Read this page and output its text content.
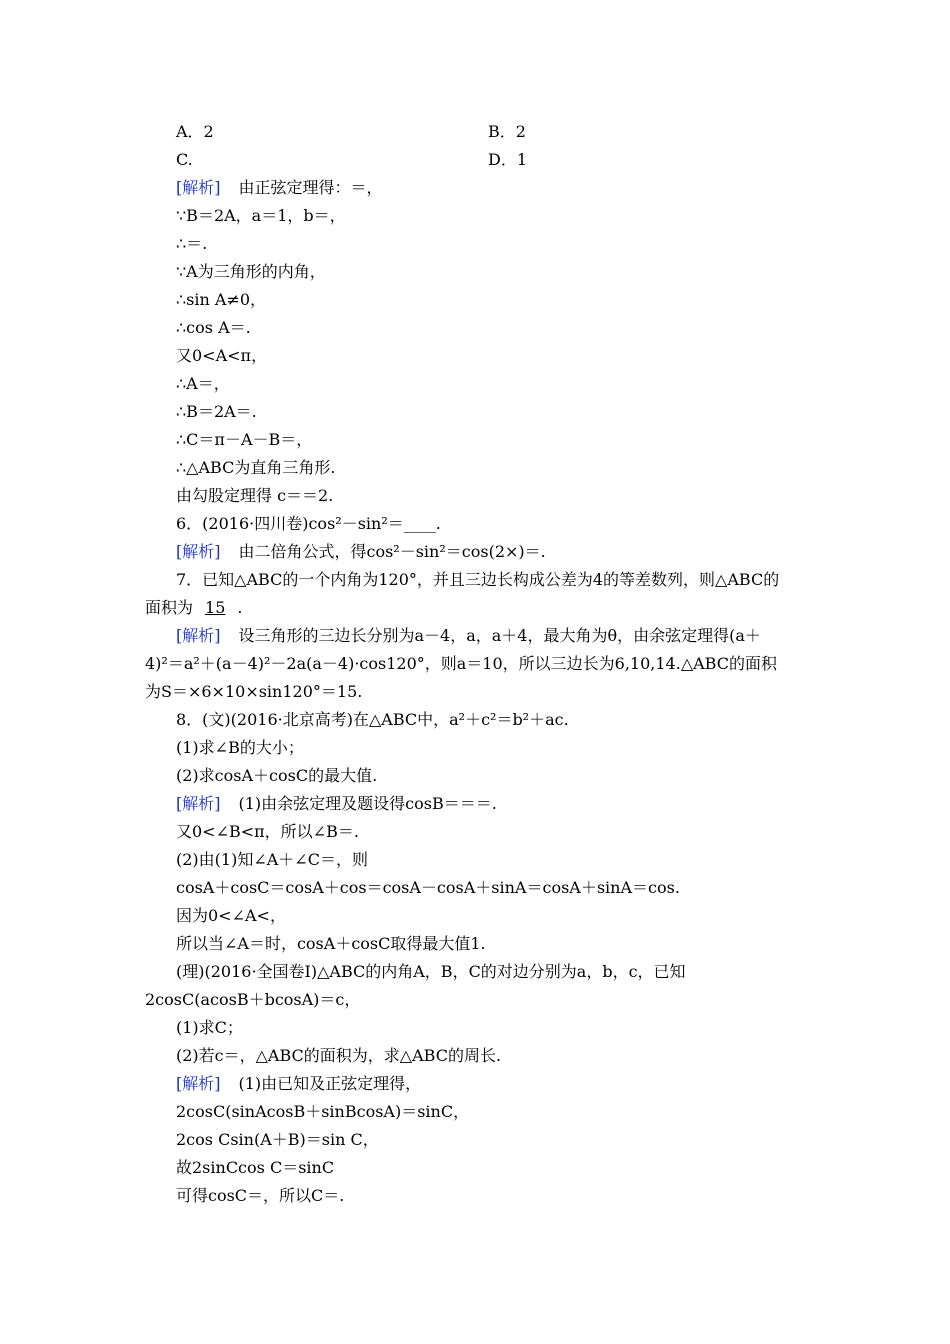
A．2	B．2
C.	D．1
[解析] 由正弦定理得：＝，
∵B＝2A，a＝1，b＝，
∴＝.
∵A为三角形的内角，
∴sin A≠0，
∴cos A＝.
又0<A<π，
∴A＝，
∴B＝2A＝.
∴C＝π－A－B＝，
∴△ABC为直角三角形.
由勾股定理得 c＝＝2.
6．(2016·四川卷)cos²－sin²＝____.
[解析] 由二倍角公式，得cos²－sin²＝cos(2×)＝.
7．已知△ABC的一个内角为120°，并且三边长构成公差为4的等差数列，则△ABC的
面积为 15 .
[解析] 设三角形的三边长分别为a－4，a，a＋4，最大角为θ，由余弦定理得(a＋
4)²＝a²＋(a－4)²－2a(a－4)·cos120°，则a＝10，所以三边长为6,10,14.△ABC的面积
为S＝×6×10×sin120°＝15.
8．(文)(2016·北京高考)在△ABC中，a²＋c²＝b²＋ac.
(1)求∠B的大小；
(2)求cosA＋cosC的最大值.
[解析] (1)由余弦定理及题设得cosB＝＝＝.
又0<∠B<π，所以∠B＝.
(2)由(1)知∠A＋∠C＝，则
cosA＋cosC＝cosA＋cos＝cosA－cosA＋sinA＝cosA＋sinA＝cos.
因为0<∠A<，
所以当∠A＝时，cosA＋cosC取得最大值1.
(理)(2016·全国卷Ⅰ)△ABC的内角A，B，C的对边分别为a，b，c，已知
2cosC(acosB＋bcosA)＝c，
(1)求C；
(2)若c＝，△ABC的面积为，求△ABC的周长.
[解析] (1)由已知及正弦定理得，
2cosC(sinAcosB＋sinBcosA)＝sinC，
2cos Csin(A＋B)＝sin C，
故2sinCcos C＝sinC
可得cosC＝，所以C＝.
